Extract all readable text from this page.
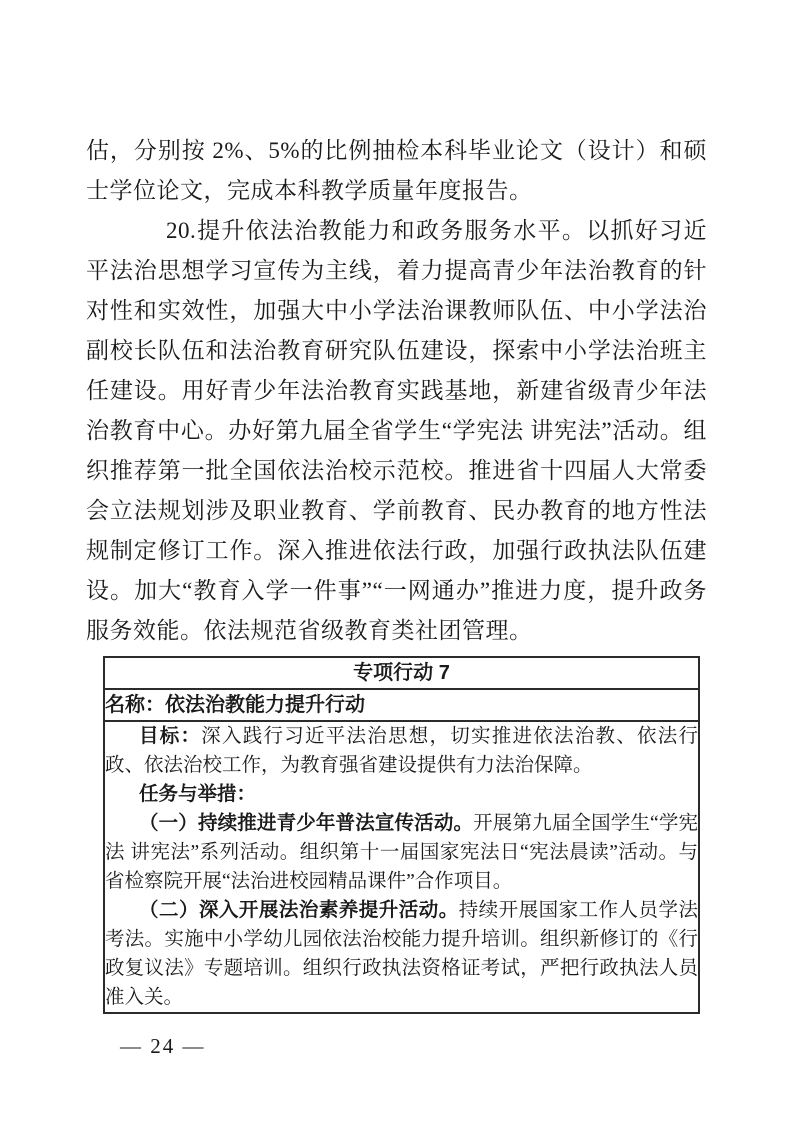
估，分别按 2%、5%的比例抽检本科毕业论文（设计）和硕士学位论文，完成本科教学质量年度报告。

20.提升依法治教能力和政务服务水平。以抓好习近平法治思想学习宣传为主线，着力提高青少年法治教育的针对性和实效性，加强大中小学法治课教师队伍、中小学法治副校长队伍和法治教育研究队伍建设，探索中小学法治班主任建设。用好青少年法治教育实践基地，新建省级青少年法治教育中心。办好第九届全省学生“学宪法 讲宪法”活动。组织推荐第一批全国依法治校示范校。推进省十四届人大常委会立法规划涉及职业教育、学前教育、民办教育的地方性法规制定修订工作。深入推进依法行政，加强行政执法队伍建设。加大“教育入学一件事”“一网通办”推进力度，提升政务服务效能。依法规范省级教育类社团管理。

专项行动 7
名称：依法治教能力提升行动

目标：深入践行习近平法治思想，切实推进依法治教、依法行政、依法治校工作，为教育强省建设提供有力法治保障。

任务与举措：

（一）持续推进青少年普法宣传活动。开展第九届全国学生“学宪法 讲宪法”系列活动。组织第十一届国家宪法日“宪法晨读”活动。与省检察院开展“法治进校园精品课件”合作项目。

（二）深入开展法治素养提升活动。持续开展国家工作人员学法考法。实施中小学幼儿园依法治校能力提升培训。组织新修订的《行政复议法》专题培训。组织行政执法资格证考试，严把行政执法人员准入关。

— 24 —
